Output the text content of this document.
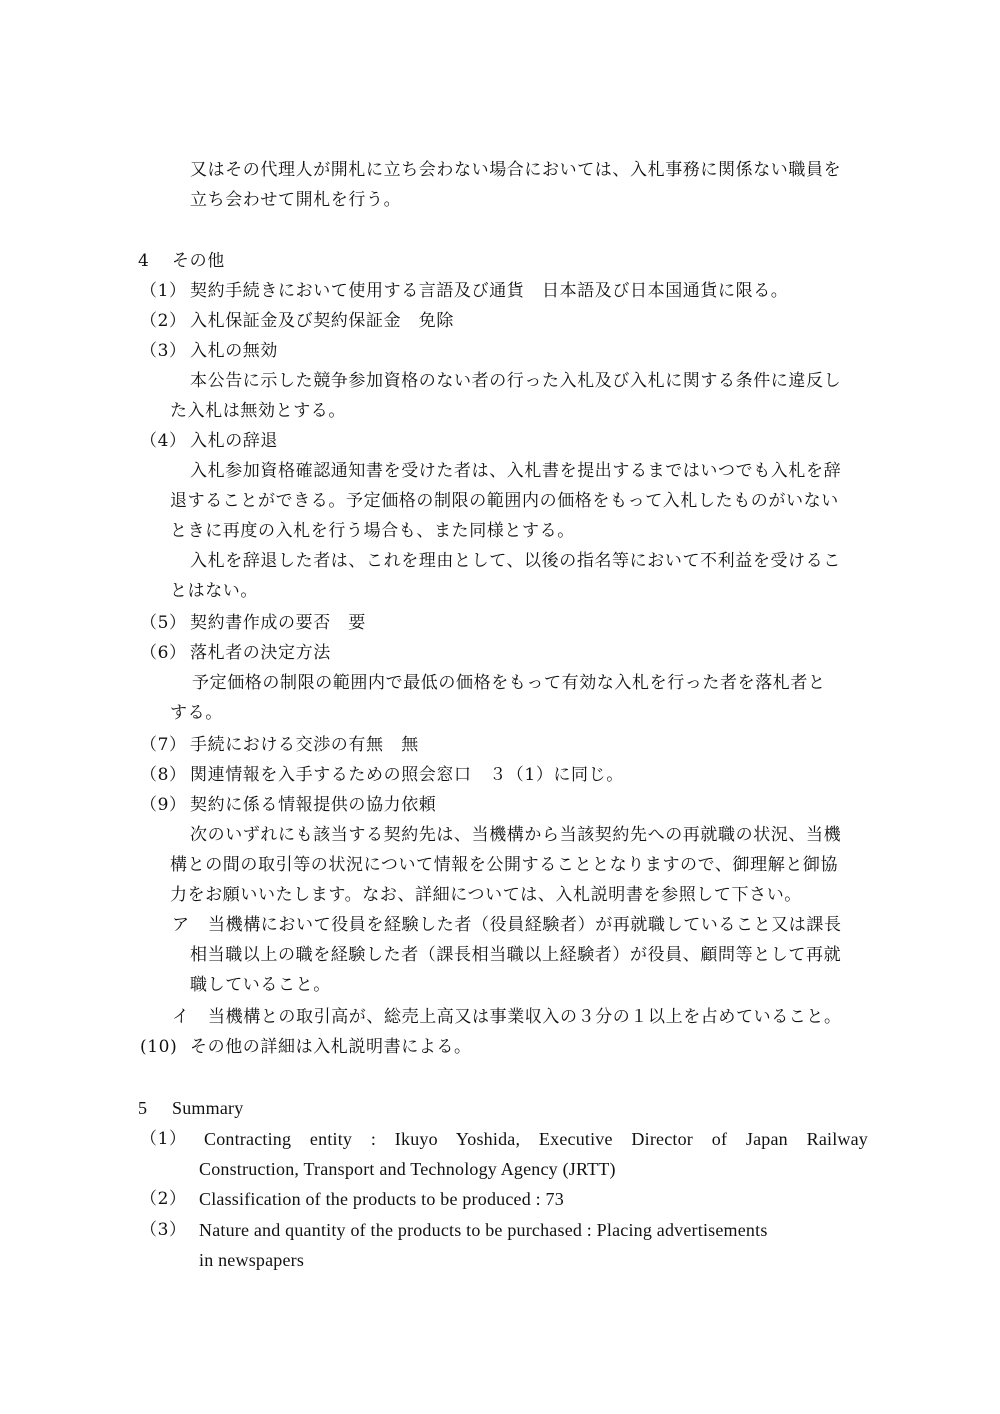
又はその代理人が開札に立ち会わない場合においては、入札事務に関係ない職員を
立ち会わせて開札を行う。
4 その他
（1） 契約手続きにおいて使用する言語及び通貨　日本語及び日本国通貨に限る。
（2） 入札保証金及び契約保証金　免除
（3） 入札の無効
本公告に示した競争参加資格のない者の行った入札及び入札に関する条件に違反し
た入札は無効とする。
（4） 入札の辞退
入札参加資格確認通知書を受けた者は、入札書を提出するまではいつでも入札を辞
退することができる。予定価格の制限の範囲内の価格をもって入札したものがいない
ときに再度の入札を行う場合も、また同様とする。
入札を辞退した者は、これを理由として、以後の指名等において不利益を受けるこ
とはない。
（5） 契約書作成の要否　要
（6） 落札者の決定方法
予定価格の制限の範囲内で最低の価格をもって有効な入札を行った者を落札者と
する。
（7） 手続における交渉の有無　無
（8） 関連情報を入手するための照会窓口　３（1）に同じ。
（9） 契約に係る情報提供の協力依頼
次のいずれにも該当する契約先は、当機構から当該契約先への再就職の状況、当機
構との間の取引等の状況について情報を公開することとなりますので、御理解と御協
力をお願いいたします。なお、詳細については、入札説明書を参照して下さい。
ア 当機構において役員を経験した者（役員経験者）が再就職していること又は課長
相当職以上の職を経験した者（課長相当職以上経験者）が役員、顧問等として再就
職していること。
イ 当機構との取引高が、総売上高又は事業収入の３分の１以上を占めていること。
(10) その他の詳細は入札説明書による。
5 Summary
（1） Contracting entity : Ikuyo Yoshida, Executive Director of Japan Railway
Construction, Transport and Technology Agency (JRTT)
（2） Classification of the products to be produced : 73
（3） Nature and quantity of the products to be purchased : Placing advertisements
in newspapers
